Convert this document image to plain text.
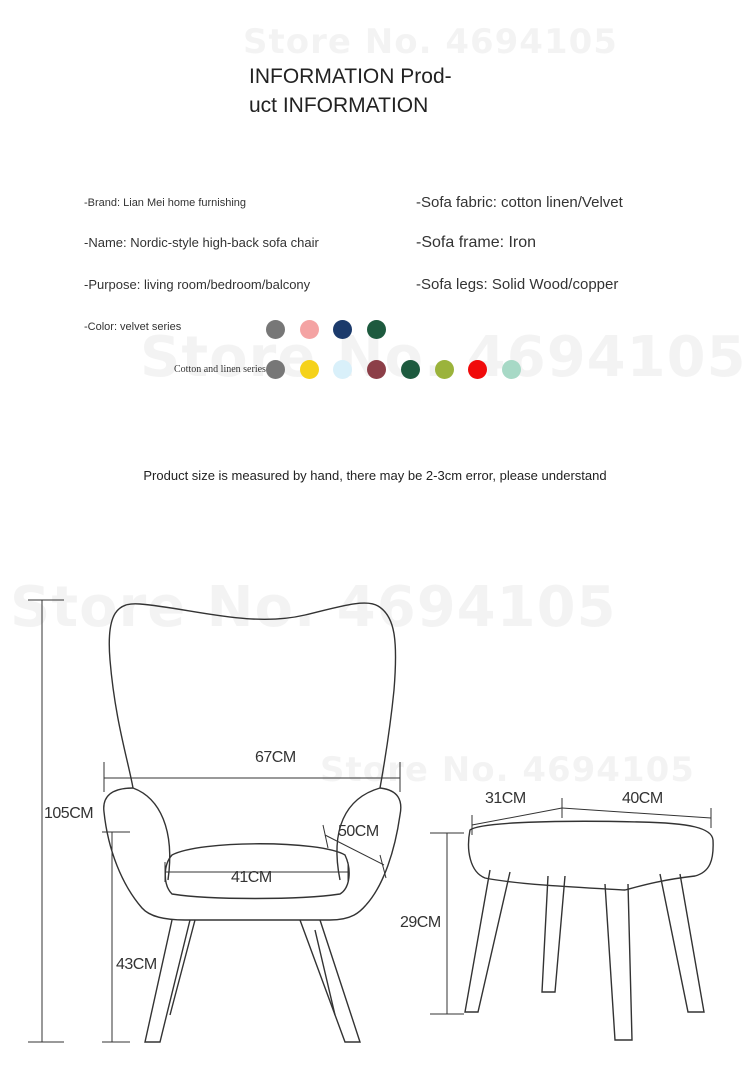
INFORMATION Prod-
uct INFORMATION
-Brand: Lian Mei home furnishing
-Name: Nordic-style high-back sofa chair
-Purpose: living room/bedroom/balcony
-Color: velvet series
-Sofa fabric: cotton linen/Velvet
-Sofa frame: Iron
-Sofa legs: Solid Wood/copper
Cotton and linen series
Product size is measured by hand, there may be 2-3cm error, please understand
67CM
105CM
50CM
41CM
43CM
31CM	40CM
29CM
